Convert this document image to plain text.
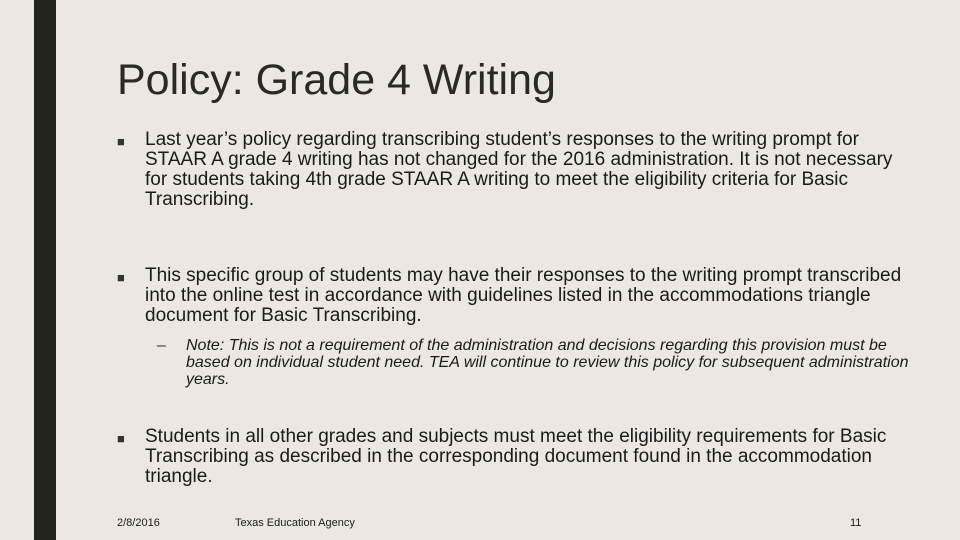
Policy: Grade 4 Writing
■ Last year’s policy regarding transcribing student’s responses to the writing prompt for STAAR A grade 4 writing has not changed for the 2016 administration. It is not necessary for students taking 4th grade STAAR A writing to meet the eligibility criteria for Basic Transcribing.
■ This specific group of students may have their responses to the writing prompt transcribed into the online test in accordance with guidelines listed in the accommodations triangle document for Basic Transcribing.
– Note: This is not a requirement of the administration and decisions regarding this provision must be based on individual student need. TEA will continue to review this policy for subsequent administration years.
■ Students in all other grades and subjects must meet the eligibility requirements for Basic Transcribing as described in the corresponding document found in the accommodation triangle.
2/8/2016	Texas Education Agency	11
